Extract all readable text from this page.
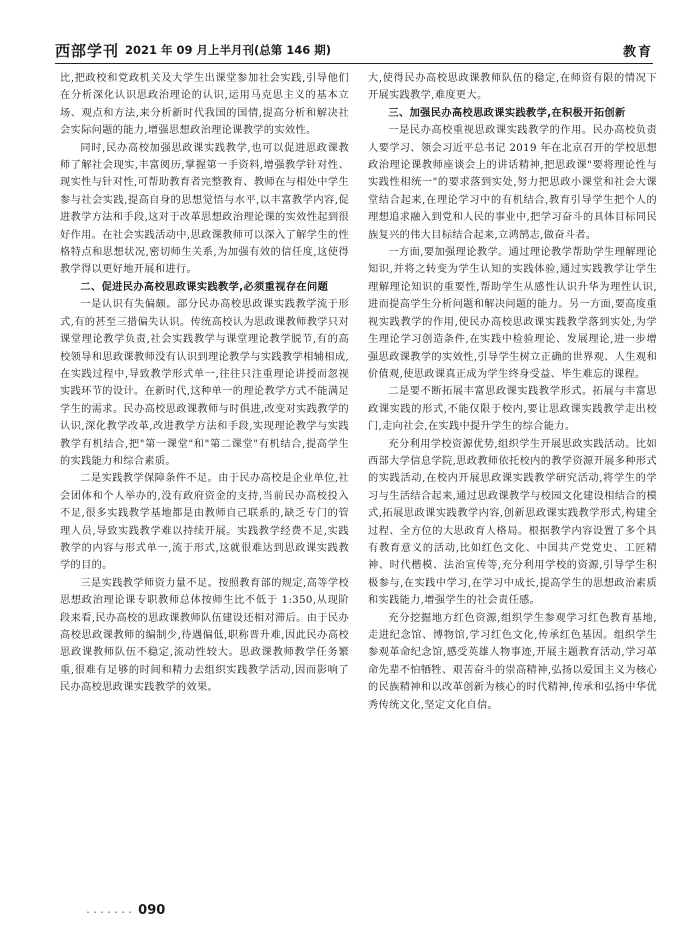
西部学刊 2021 年 09 月上半月刊(总第 146 期)	教育

比,把政校和党政机关及大学生出课堂参加社会实践,引导他们在分析深化认识思政治理论的认识,运用马克思主义的基本立场、观点和方法,来分析新时代我国的国情,提高分析和解决社会实际问题的能力,增强思想政治理论课教学的实效性。

同时,民办高校加强思政课实践教学,也可以促进思政课教师了解社会现实,丰富阅历,掌握第一手资料,增强教学针对性、现实性与针对性,可帮助教育者完整教育、教师在与相处中学生参与社会实践,提高自身的思想觉悟与水平,以丰富教学内容,促进教学方法和手段,这对于改革思想政治理论课的实效性起到很好作用。在社会实践活动中,思政课教师可以深入了解学生的性格特点和思想状况,密切师生关系,为加强有效的信任度,这使得教学得以更好地开展和进行。

二、促进民办高校思政课实践教学,必须重视存在问题

一是认识有失偏颇。部分民办高校思政课实践教学流于形式,有的甚至三措偏失认识。传统高校认为思政课教师教学只对课堂理论教学负责,社会实践教学与课堂理论教学脱节,有的高校领导和思政课教师没有认识到理论教学与实践教学相辅相成,在实践过程中,导致教学形式单一,往往只注重理论讲授而忽视实践环节的设计。在新时代,这种单一的理论教学方式不能满足学生的需求。民办高校思政课教师与时俱进,改变对实践教学的认识,深化教学改革,改进教学方法和手段,实现理论教学与实践教学有机结合,把"第一课堂"和"第二课堂"有机结合,提高学生的实践能力和综合素质。

二是实践教学保障条件不足。由于民办高校是企业单位,社会团体和个人举办的,没有政府资金的支持,当前民办高校投入不足,很多实践教学基地都是由教师自己联系的,缺乏专门的管理人员,导致实践教学难以持续开展。实践教学经费不足,实践教学的内容与形式单一,流于形式,这就很难达到思政课实践教学的目的。

三是实践教学师资力量不足。按照教育部的规定,高等学校思想政治理论课专职教师总体按师生比不低于 1:350,从现阶段来看,民办高校的思政课教师队伍建设还相对滞后。由于民办高校思政课教师的编制少,待遇偏低,职称晋升难,因此民办高校思政课教师队伍不稳定,流动性较大。思政课教师教学任务繁重,很难有足够的时间和精力去组织实践教学活动,因而影响了民办高校思政课实践教学的效果。

大,使得民办高校思政课教师队伍的稳定,在师资有限的情况下开展实践教学,难度更大。

三、加强民办高校思政课实践教学,在积极开拓创新

一是民办高校重视思政课实践教学的作用。民办高校负责人要学习、领会习近平总书记 2019 年在北京召开的学校思想政治理论课教师座谈会上的讲话精神,把思政课"要将理论性与实践性相统一"的要求落到实处,努力把思政小课堂和社会大课堂结合起来,在理论学习中的有机结合,教育引导学生把个人的理想追求融入到党和人民的事业中,把学习奋斗的具体目标同民族复兴的伟大目标结合起来,立鸿鹄志,做奋斗者。

一方面,要加强理论教学。通过理论教学帮助学生理解理论知识,并将之转变为学生认知的实践体验,通过实践教学让学生理解理论知识的重要性,帮助学生从感性认识升华为理性认识,进而提高学生分析问题和解决问题的能力。另一方面,要高度重视实践教学的作用,使民办高校思政课实践教学落到实处,为学生理论学习创造条件,在实践中检验理论、发展理论,进一步增强思政课教学的实效性,引导学生树立正确的世界观、人生观和价值观,使思政课真正成为学生终身受益、毕生难忘的课程。

二是要不断拓展丰富思政课实践教学形式。拓展与丰富思政课实践的形式,不能仅限于校内,要让思政课实践教学走出校门,走向社会,在实践中提升学生的综合能力。

充分利用学校资源优势,组织学生开展思政实践活动。比如西部大学信息学院,思政教师依托校内的教学资源开展多种形式的实践活动,在校内开展思政课实践教学研究活动,将学生的学习与生活结合起来,通过思政课教学与校园文化建设相结合的模式,拓展思政课实践教学内容,创新思政课实践教学形式,构建全过程、全方位的大思政育人格局。根据教学内容设置了多个具有教育意义的活动,比如红色文化、中国共产党党史、工匠精神、时代楷模、法治宣传等,充分利用学校的资源,引导学生积极参与,在实践中学习,在学习中成长,提高学生的思想政治素质和实践能力,增强学生的社会责任感。

充分挖掘地方红色资源,组织学生参观学习红色教育基地,走进纪念馆、博物馆,学习红色文化,传承红色基因。组织学生参观革命纪念馆,感受英雄人物事迹,开展主题教育活动,学习革命先辈不怕牺牲、艰苦奋斗的崇高精神,弘扬以爱国主义为核心的民族精神和以改革创新为核心的时代精神,传承和弘扬中华优秀传统文化,坚定文化自信。

....... 090
